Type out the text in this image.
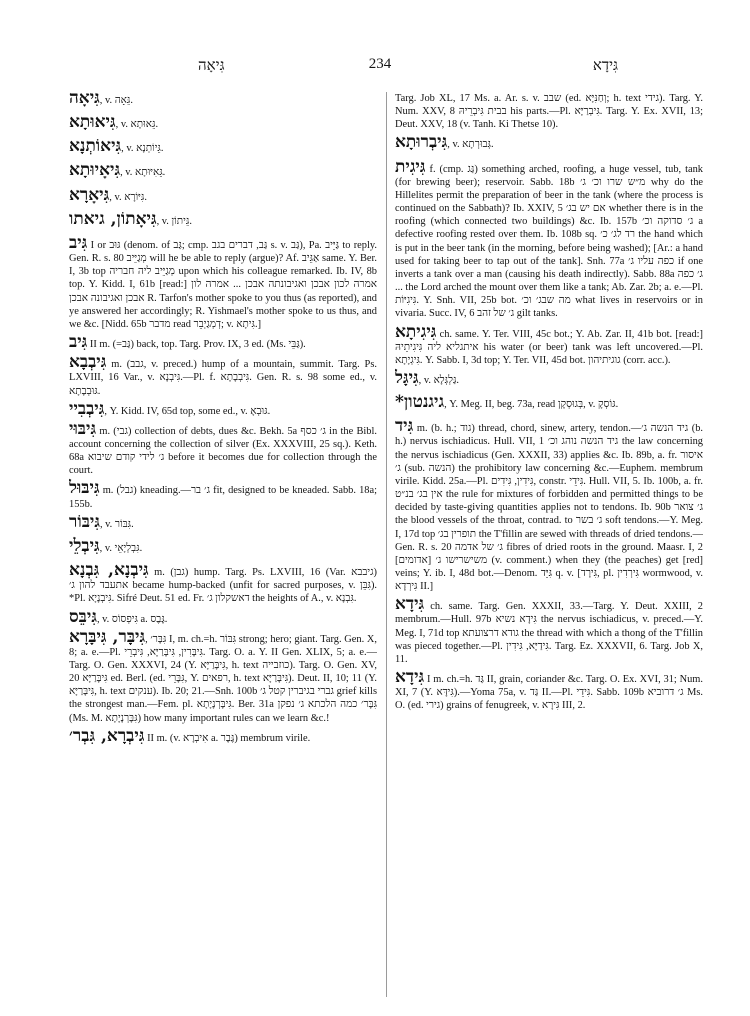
גִּיאָה	234	גִּידָא

גִּיאָה, v. גֵּאָה.

גִּיאוּתָא, v. גֵּאוּתָא.

גִּיאוֹתְנָא, v. גֵּיוֹתְנָא.

גִּיאָיוּתָא, v. גֵּאִיּוּתָא.

גִּיאָרָא, v. גִּיּוֹרָא.

גִּיאָתוֹן, גיאתו, v. גֵּיתוֹן.

גִּיב I or גּוּב (denom. of גַּב; cmp. גַּב, דברים בגב s. v. גַּב), Pa. גַּיֵּיב to reply. Gen. R. s. 80 מְגַיֵּיב will he be able to reply (argue)? Af. אַגֵּיב same. Y. Ber. I, 3b top מְגַיֵּיב ליה חבריה upon which his colleague remarked. Ib. IV, 8b top. Y. Kidd. I, 61b [read:] אמרה לכון אבכן ואגיבונתה אבכן ... אמרה לון אבכן ואגיבונה אבכן R. Tarfon's mother spoke to you thus (as reported), and ye answered her accordingly; R. Yishmael's mother spoke to us thus, and we &c. [Nidd. 65b מדבר read דְמְגַיְבֵר; v. גִּיתָא.]

גִּיב II m. (=גַּב) back, top. Targ. Prov. IX, 3 ed. (Ms. גַּבֵּי).

גִּיבְבָא m. (גבב, v. preced.) hump of a mountain, summit. Targ. Ps. LXVIII, 16 Var., v. גִּיבְנָא.—Pl. f. גִּיבְבָתָא. Gen. R. s. 98 some ed., v. גּוּבְבָתָא.

גִּיבְבִיי, Y. Kidd. IV, 65d top, some ed., v. גּוּבְאָ.

גִּיבּוּי m. (גבי) collection of debts, dues &c. Bekh. 5a ג׳ כסף in the Bibl. account concerning the collection of silver (Ex. XXXVIII, 25 sq.). Keth. 68a ג׳ לידי קודם שיבוא before it becomes due for collection through the court.

גִּיבּוּל m. (גבל) kneading.—ג׳ בר fit, designed to be kneaded. Sabb. 18a; 155b.

גִּיבּוֹר, v. גִּבּוֹר.

גִּיבְלֵי, v. גִּבְלְיָאֵי.

גִּיבְנָא, גִּבְנָא m. (גבן) hump. Targ. Ps. LXVIII, 16 (Var. גיבבא) אתעבד להון ג׳ became hump-backed (unfit for sacred purposes, v. גִּבֵּן). *Pl. גִּיבְנָיָא. Sifré Deut. 51 ed. Fr. דאשקלון ג׳ the heights of A., v. גִּבְנָא.

גִּיבֵּס, v. גִּיפְסוֹס a. גֶּבֶס.

גִּיבָּר, גִּיבָּרָא, גִּבָּר׳ I, m. ch.=h. גִּבּוֹר strong; hero; giant. Targ. Gen. X, 8; a. e.—Pl. גִּיבָּרִין, גִּיבָּרַיָּא, גִּיבְרֵי. Targ. O. a. Y. II Gen. XLIX, 5; a. e.—Targ. O. Gen. XXXVI, 24 (Y. גִּיבָּרַיָּא, h. text כוזבייה). Targ. O. Gen. XV, 20 גִּיבָּרַיָּא ed. Berl. (ed. גִּבָּרֵי, Y. רפאים, h. text גִּיבָּרַיָּא). Deut. II, 10; 11 (Y. גִּיבָּרַיָּא, h. text ענקים). Ib. 20; 21.—Snh. 100b גברי בגיברין קטל ג׳ grief kills the strongest man.—Fem. pl. גִּיבָּרְנָיָתָא. Ber. 31a גִּבָּר׳ כמה הלכתא ג׳ נפקן (Ms. M. גִּבָּרְנָיָתָא) how many important rules can we learn &c.!

גִּיבְרָא, גִּבְר׳ II m. (v. אִיבְרָא a. גֶּבֶר) membrum virile.

Targ. Job XL, 17 Ms. a. Ar. s. v. שבב (ed. וְחַנִּיָּא; h. text גידי). Targ. Y. Num. XXV, 8 בבית גִּיבְרֵיהּ his parts.—Pl. גִּיבְרַיָּא. Targ. Y. Ex. XVII, 13; Deut. XXV, 18 (v. Tanh. Ki Thetse 10).

גִּיבְרוּתָא, v. גְּבוּרְתָא.

גִּיגִית f. (cmp. גַּג) something arched, roofing, a huge vessel, tub, tank (for brewing beer); reservoir. Sabb. 18b מ״ש שרו וכ׳ ג׳ why do the Hillelites permit the preparation of beer in the tank (where the process is continued on the Sabbath)? Ib. XXIV, 5 אם יש בג׳ whether there is in the roofing (which connected two buildings) &c. Ib. 157b ג׳ סדוקה וכ׳ a defective roofing rested over them. Ib. 108b sq. רד לג׳ כ׳ the hand which is put in the beer tank (in the morning, before being washed); [Ar.: a hand used for taking beer to tap out of the tank]. Snh. 77a כפה עליו ג׳ if one inverts a tank over a man (causing his death indirectly). Sabb. 88a ג׳ כפה ... the Lord arched the mount over them like a tank; Ab. Zar. 2b; a. e.—Pl. גִּיגִיּוֹת. Y. Snh. VII, 25b bot. מה שבג׳ וכ׳ what lives in reservoirs or in vivaria. Succ. IV, 6 ג׳ של זהב gilt tanks.

גִּיגִיתָא ch. same. Y. Ter. VIII, 45c bot.; Y. Ab. Zar. II, 41b bot. [read:] איתגליא ליה גִּיגִיתֵיהּ his water (or beer) tank was left uncovered.—Pl. גִּיגְיָתָא. Y. Sabb. I, 3d top; Y. Ter. VII, 45d bot. גוגיתיהון (corr. acc.).

גִּיגָּל, v. גַּלְגְּלָא.

גיגנטון*, Y. Meg. II, beg. 73a, read בְּגוּסְקָן, v. גּוֹסְקָ.

גִּיד m. (b. h.; גוד) thread, chord, sinew, artery, tendon.—גיד הנשה ג׳ (b. h.) nervus ischiadicus. Hull. VII, 1 גיד הנשה נוהג וכ׳ the law concerning the nervus ischiadicus (Gen. XXXII, 33) applies &c. Ib. 89b, a. fr. איסור ג׳ (sub. הנשה) the prohibitory law concerning &c.—Euphem. membrum virile. Kidd. 25a.—Pl. גִּידִין, גִּידִים, constr. גִּידֵי. Hull. VII, 5. Ib. 100b, a. fr. אין בג׳ בנ״ט the rule for mixtures of forbidden and permitted things to be decided by taste-giving quantities applies not to tendons. Ib. 90b ג׳ צואר the blood vessels of the throat, contrad. to ג׳ בשר soft tendons.—Y. Meg. I, 17d top תופרין בג׳ the T'fillin are sewed with threads of dried tendons.—Gen. R. s. 20 ג׳ של אדמה fibres of dried roots in the ground. Maasr. I, 2 משישרישו ג׳ [אדומים] (v. comment.) when they (the peaches) get [red] veins; Y. ib. I, 48d bot.—Denom. גִּיֵּד q. v. [גִּירָד, pl. גִּירְדִין wormwood, v. גִּירְדָא II.]

גִּידָא ch. same. Targ. Gen. XXXII, 33.—Targ. Y. Deut. XXIII, 2 membrum.—Hull. 97b גִּידָא נשיא the nervus ischiadicus, v. preced.—Y. Meg. I, 71d top גודא דרצועתא the thread with which a thong of the T'fillin was pieced together.—Pl. גִּידַיָּא, גִּידִין. Targ. Ez. XXXVII, 6. Targ. Job X, 11.

גִּידָא I m. ch.=h. גַּד II, grain, coriander &c. Targ. O. Ex. XVI, 31; Num. XI, 7 (Y. גִּידָּא).—Yoma 75a, v. גַּד II.—Pl. גִּידֵי. Sabb. 109b ג׳ דרוביא Ms. O. (ed. גירי) grains of fenugreek, v. גִּירָא III, 2.
